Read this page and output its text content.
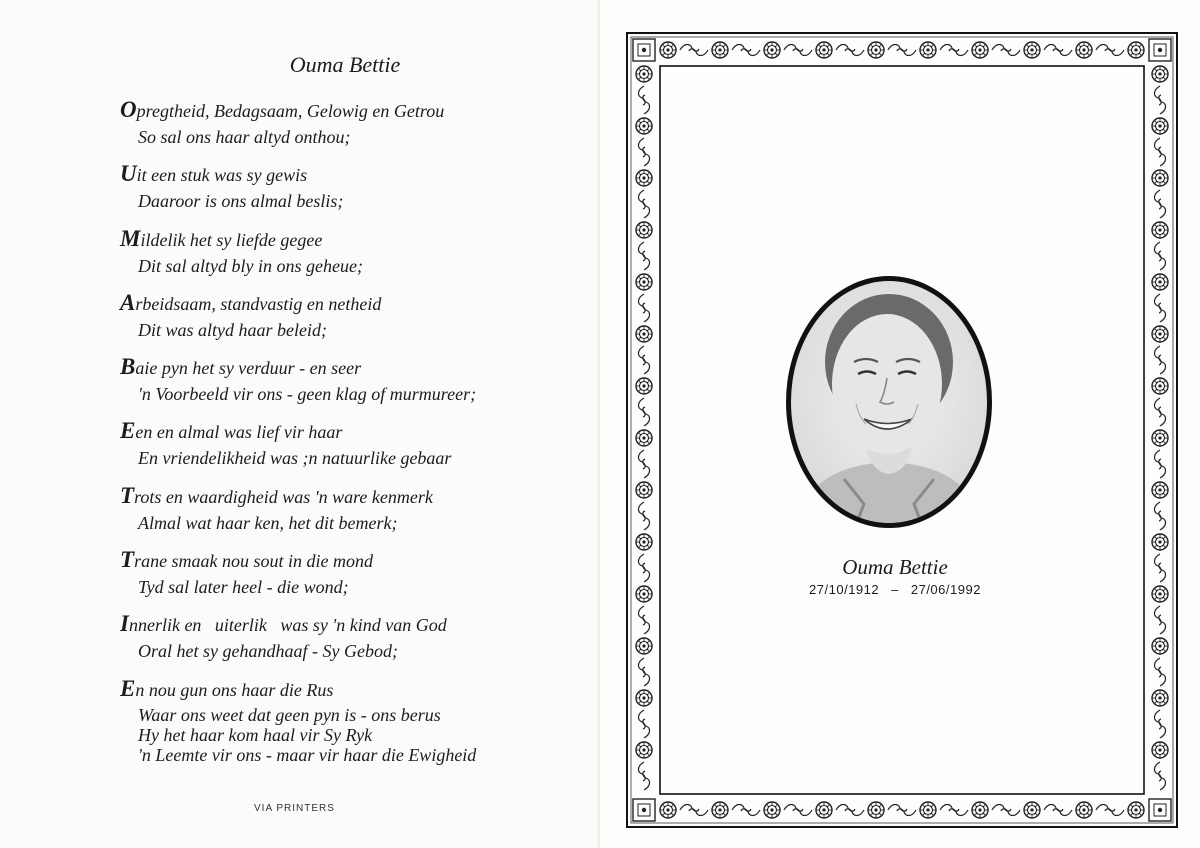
Ouma Bettie
Opregtheid, Bedagsaam, Gelowig en Getrou
So sal ons haar altyd onthou;
Uit een stuk was sy gewis
Daaroor is ons almal beslis;
Mildelik het sy liefde gegee
Dit sal altyd bly in ons geheue;
Arbeidsaam, standvastig en netheid
Dit was altyd haar beleid;
Baie pyn het sy verduur - en seer
'n Voorbeeld vir ons - geen klag of murmureer;
Een en almal was lief vir haar
En vriendelikheid was ;n natuurlike gebaar
Trots en waardigheid was 'n ware kenmerk
Almal wat haar ken, het dit bemerk;
Trane smaak nou sout in die mond
Tyd sal later heel - die wond;
Innerlik en   uiterlik   was sy 'n kind van God
Oral het sy gehandhaaf - Sy Gebod;
En nou gun ons haar die Rus
Waar ons weet dat geen pyn is - ons berus
Hy het haar kom haal vir Sy Ryk
'n Leemte vir ons - maar vir haar die Ewigheid
VIA PRINTERS
Ouma Bettie
27/10/1912 – 27/06/1992
